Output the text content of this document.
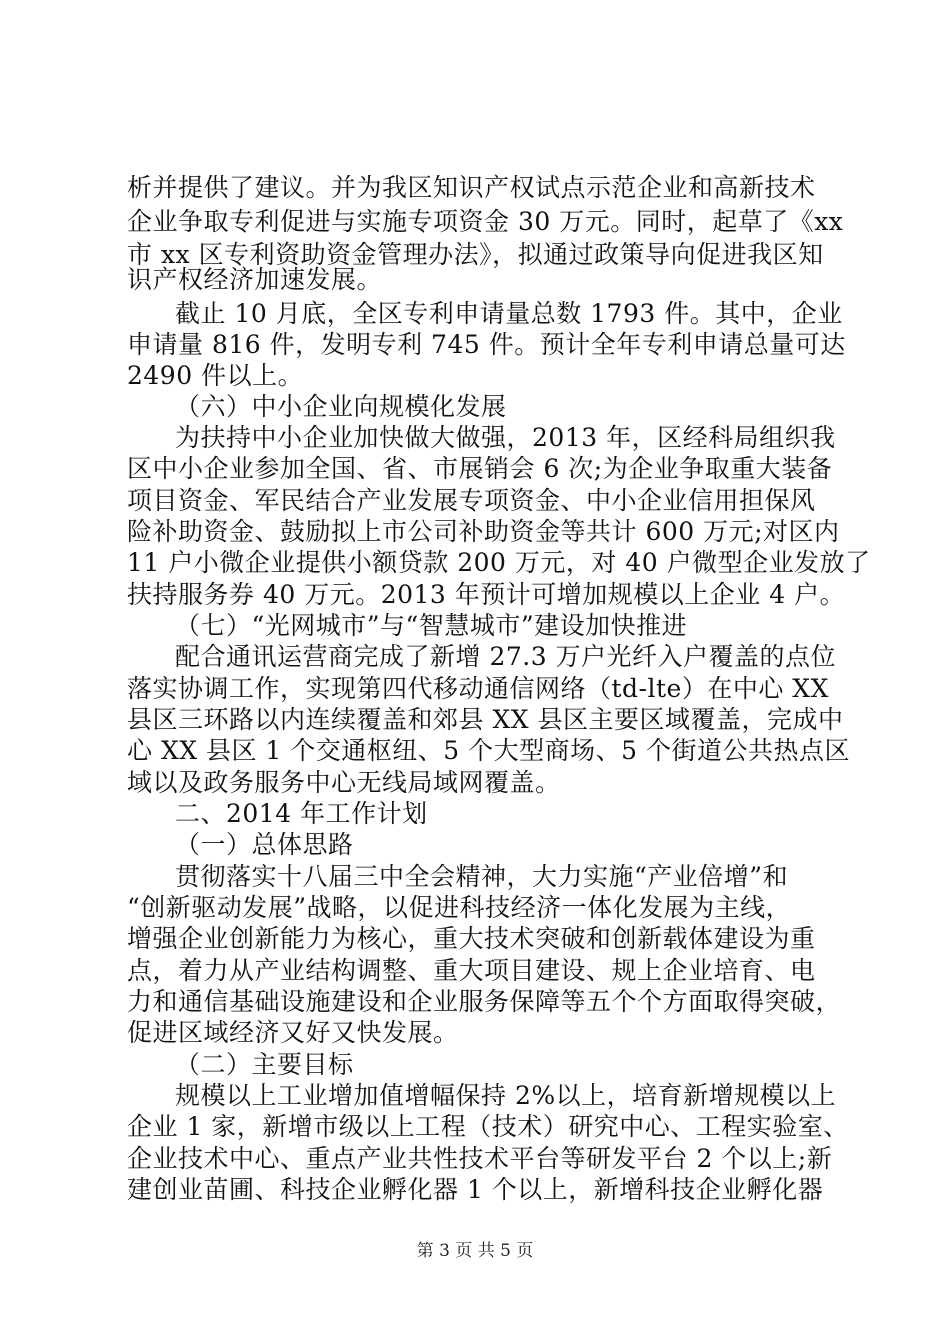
析并提供了建议。并为我区知识产权试点示范企业和高新技术
企业争取专利促进与实施专项资金 30 万元。同时，起草了《xx
市 xx 区专利资助资金管理办法》，拟通过政策导向促进我区知
识产权经济加速发展。
截止 10 月底，全区专利申请量总数 1793 件。其中，企业
申请量 816 件，发明专利 745 件。预计全年专利申请总量可达
2490 件以上。
（六）中小企业向规模化发展
为扶持中小企业加快做大做强，2013 年，区经科局组织我
区中小企业参加全国、省、市展销会 6 次;为企业争取重大装备
项目资金、军民结合产业发展专项资金、中小企业信用担保风
险补助资金、鼓励拟上市公司补助资金等共计 600 万元;对区内
11 户小微企业提供小额贷款 200 万元，对 40 户微型企业发放了
扶持服务券 40 万元。2013 年预计可增加规模以上企业 4 户。
（七）“光网城市”与“智慧城市”建设加快推进
配合通讯运营商完成了新增 27.3 万户光纤入户覆盖的点位
落实协调工作，实现第四代移动通信网络（td-lte）在中心 XX
县区三环路以内连续覆盖和郊县 XX 县区主要区域覆盖，完成中
心 XX 县区 1 个交通枢纽、5 个大型商场、5 个街道公共热点区
域以及政务服务中心无线局域网覆盖。
二、2014 年工作计划
（一）总体思路
贯彻落实十八届三中全会精神，大力实施“产业倍增”和
“创新驱动发展”战略，以促进科技经济一体化发展为主线，
增强企业创新能力为核心，重大技术突破和创新载体建设为重
点，着力从产业结构调整、重大项目建设、规上企业培育、电
力和通信基础设施建设和企业服务保障等五个个方面取得突破，
促进区域经济又好又快发展。
（二）主要目标
规模以上工业增加值增幅保持 2%以上，培育新增规模以上
企业 1 家，新增市级以上工程（技术）研究中心、工程实验室、
企业技术中心、重点产业共性技术平台等研发平台 2 个以上;新
建创业苗圃、科技企业孵化器 1 个以上，新增科技企业孵化器
第 3 页 共 5 页
